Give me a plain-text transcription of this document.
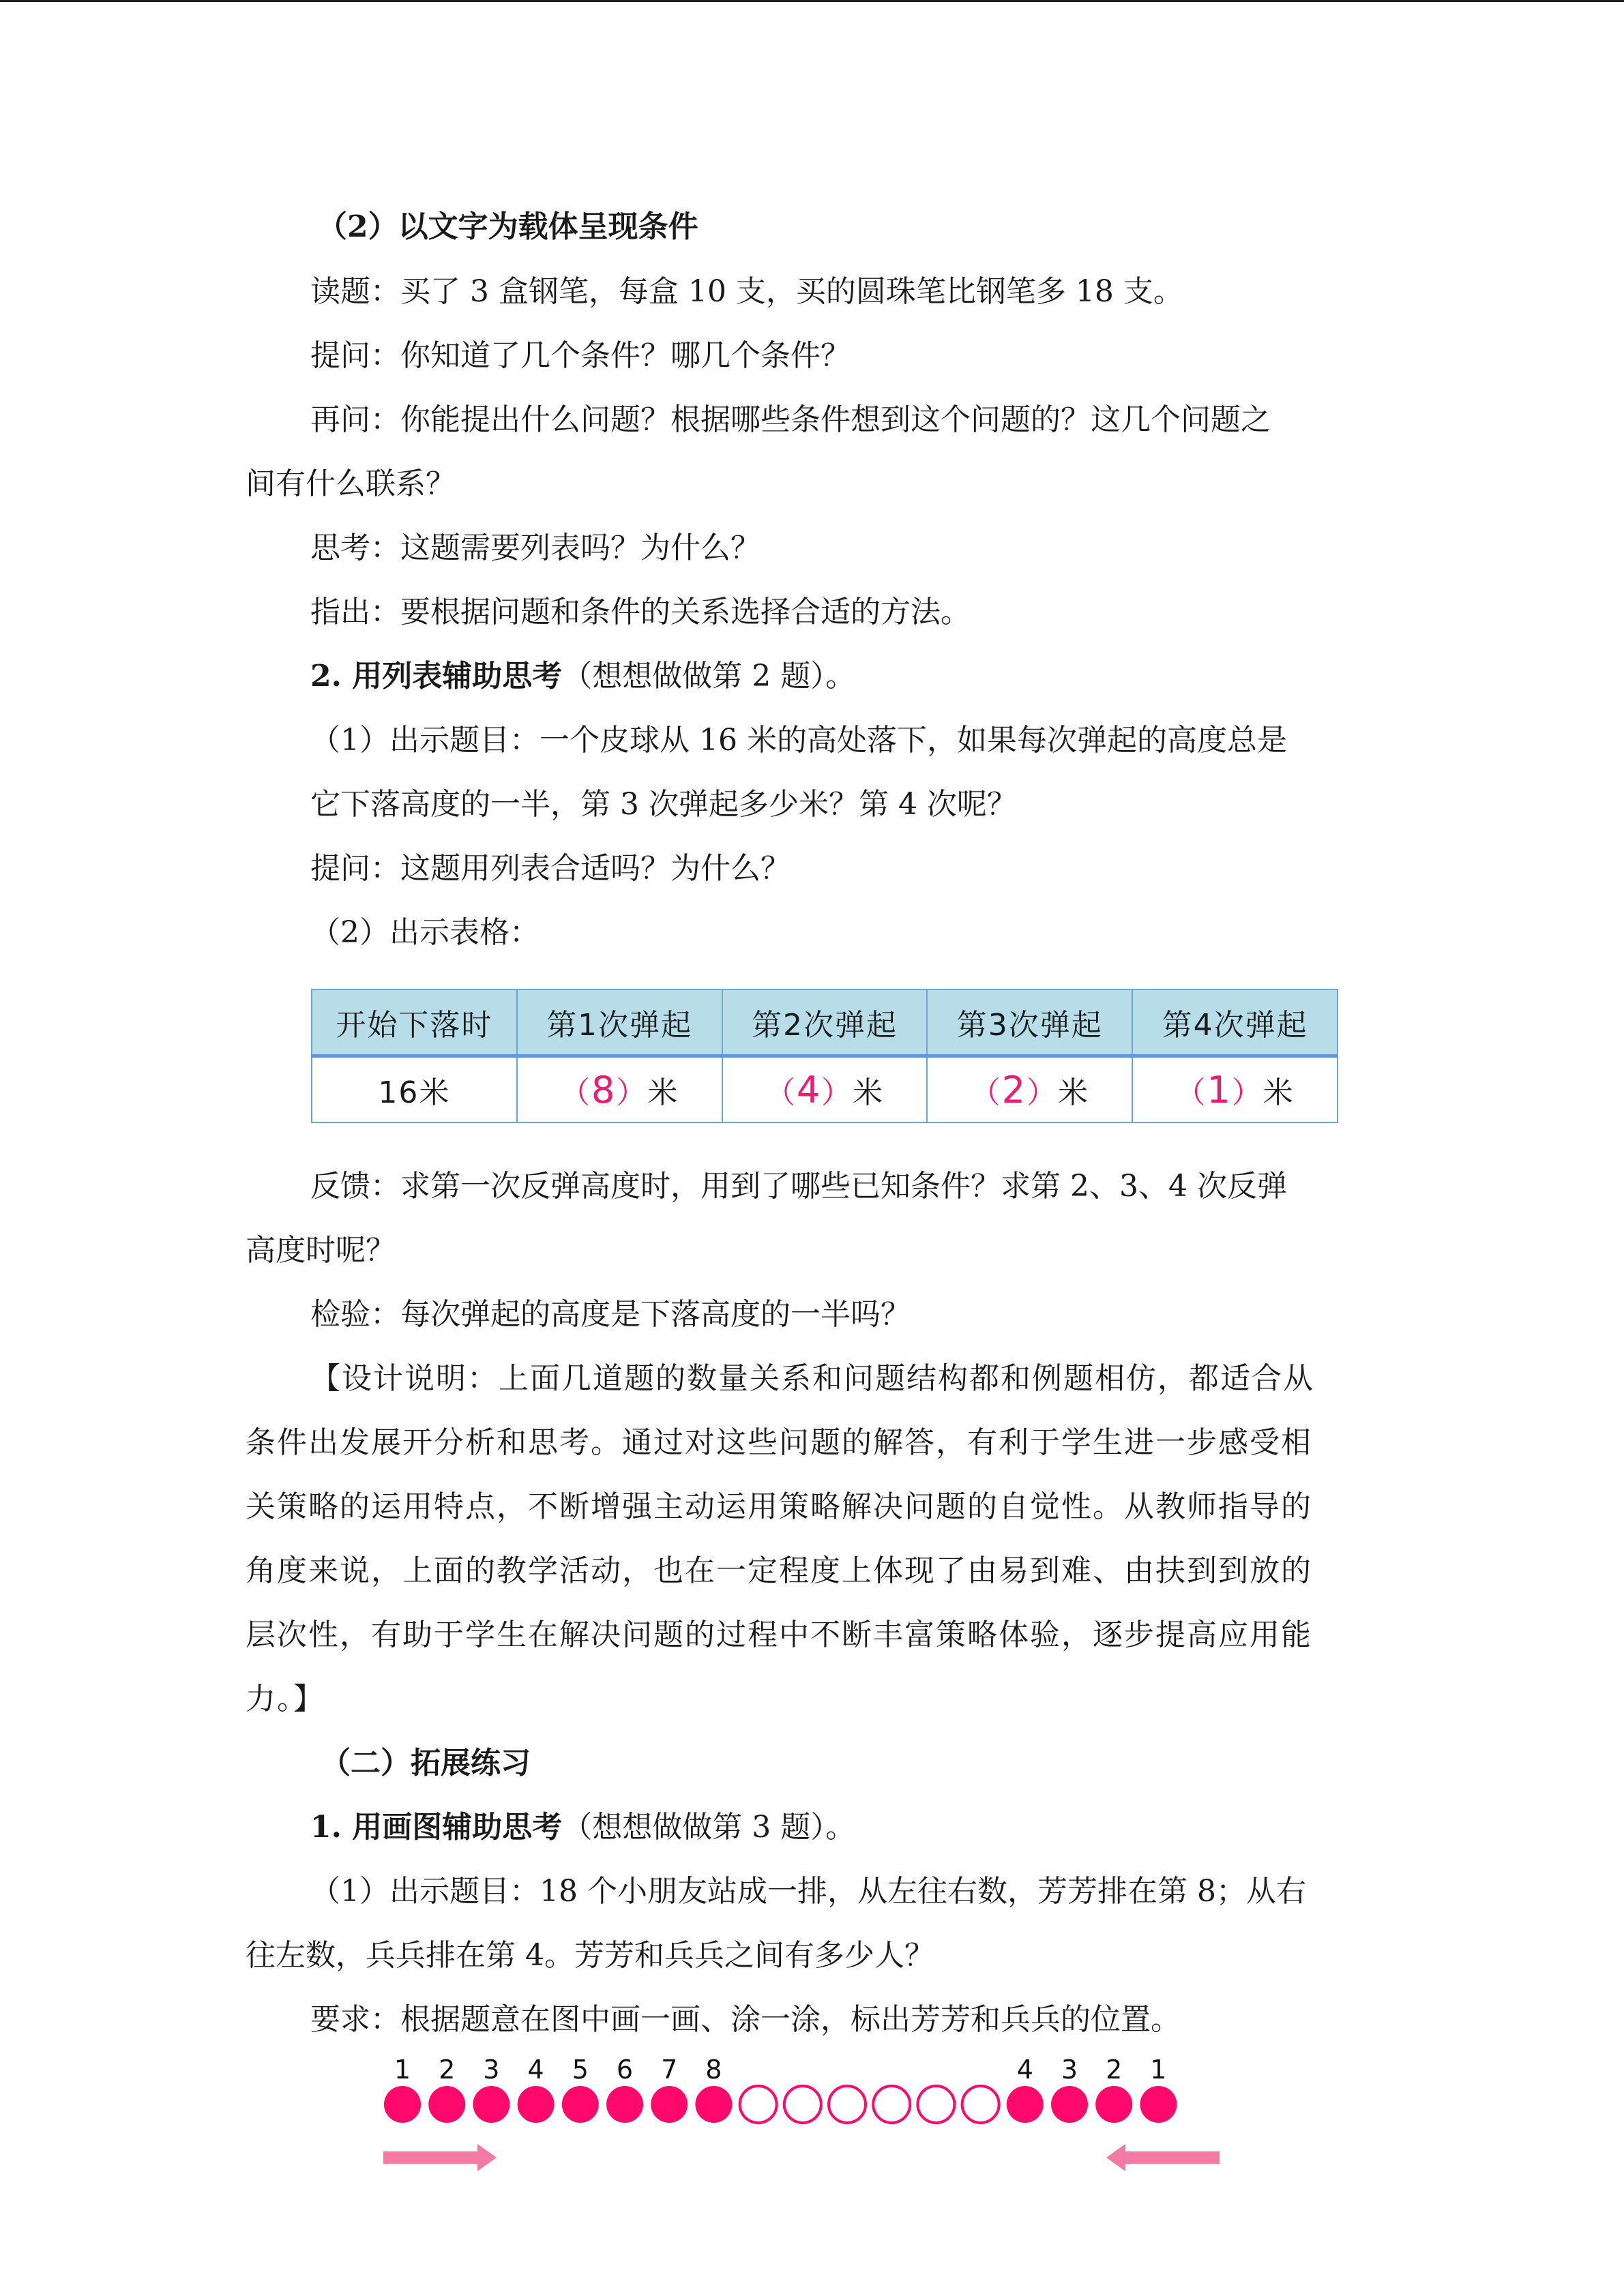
（2）以文字为载体呈现条件
读题：买了 3 盒钢笔，每盒 10 支，买的圆珠笔比钢笔多 18 支。
提问：你知道了几个条件？哪几个条件？
再问：你能提出什么问题？根据哪些条件想到这个问题的？这几个问题之
间有什么联系？
思考：这题需要列表吗？为什么？
指出：要根据问题和条件的关系选择合适的方法。
2. 用列表辅助思考（想想做做第 2 题）。
（1）出示题目：一个皮球从 16 米的高处落下，如果每次弹起的高度总是
它下落高度的一半，第 3 次弹起多少米？第 4 次呢？
提问：这题用列表合适吗？为什么？
（2）出示表格：
开始下落时	第1次弹起	第2次弹起	第3次弹起	第4次弹起
16米	（8）米	（4）米	（2）米	（1）米
反馈：求第一次反弹高度时，用到了哪些已知条件？求第 2、3、4 次反弹
高度时呢？
检验：每次弹起的高度是下落高度的一半吗？
【设计说明：上面几道题的数量关系和问题结构都和例题相仿，都适合从
条件出发展开分析和思考。通过对这些问题的解答，有利于学生进一步感受相
关策略的运用特点，不断增强主动运用策略解决问题的自觉性。从教师指导的
角度来说，上面的教学活动，也在一定程度上体现了由易到难、由扶到到放的
层次性，有助于学生在解决问题的过程中不断丰富策略体验，逐步提高应用能
力。】
（二）拓展练习
1. 用画图辅助思考（想想做做第 3 题）。
（1）出示题目：18 个小朋友站成一排，从左往右数，芳芳排在第 8；从右
往左数，兵兵排在第 4。芳芳和兵兵之间有多少人？
要求：根据题意在图中画一画、涂一涂，标出芳芳和兵兵的位置。
1 2 3 4 5 6 7 8	4 3 2 1
